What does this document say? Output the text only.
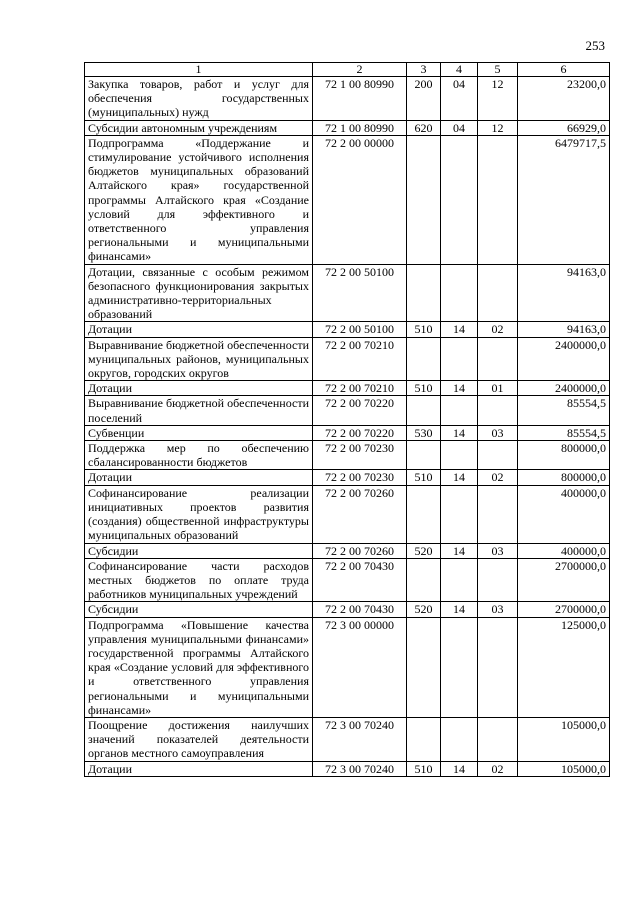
253
1	2	3	4	5	6
Закупка товаров, работ и услуг для обеспечения государственных (муниципальных) нужд	72 1 00 80990	200	04	12	23200,0
Субсидии автономным учреждениям	72 1 00 80990	620	04	12	66929,0
Подпрограмма «Поддержание и стимулирование устойчивого исполнения бюджетов муниципальных образований Алтайского края» государственной программы Алтайского края «Создание условий для эффективного и ответственного управления региональными и муниципальными финансами»	72 2 00 00000				6479717,5
Дотации, связанные с особым режимом безопасного функционирования закрытых административно-территориальных образований	72 2 00 50100				94163,0
Дотации	72 2 00 50100	510	14	02	94163,0
Выравнивание бюджетной обеспеченности муниципальных районов, муниципальных округов, городских округов	72 2 00 70210				2400000,0
Дотации	72 2 00 70210	510	14	01	2400000,0
Выравнивание бюджетной обеспеченности поселений	72 2 00 70220				85554,5
Субвенции	72 2 00 70220	530	14	03	85554,5
Поддержка мер по обеспечению сбалансированности бюджетов	72 2 00 70230				800000,0
Дотации	72 2 00 70230	510	14	02	800000,0
Софинансирование реализации инициативных проектов развития (создания) общественной инфраструктуры муниципальных образований	72 2 00 70260				400000,0
Субсидии	72 2 00 70260	520	14	03	400000,0
Софинансирование части расходов местных бюджетов по оплате труда работников муниципальных учреждений	72 2 00 70430				2700000,0
Субсидии	72 2 00 70430	520	14	03	2700000,0
Подпрограмма «Повышение качества управления муниципальными финансами» государственной программы Алтайского края «Создание условий для эффективного и ответственного управления региональными и муниципальными финансами»	72 3 00 00000				125000,0
Поощрение достижения наилучших значений показателей деятельности органов местного самоуправления	72 3 00 70240				105000,0
Дотации	72 3 00 70240	510	14	02	105000,0
